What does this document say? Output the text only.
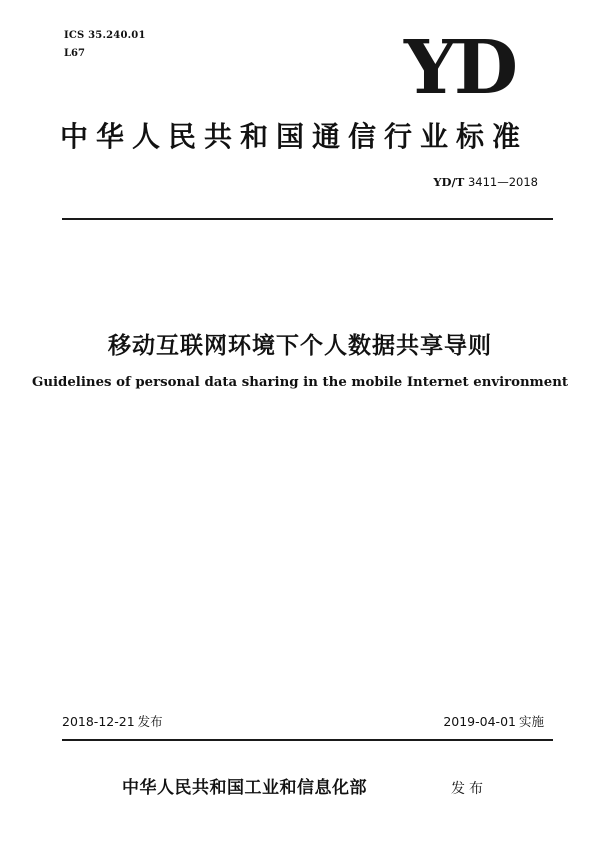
ICS 35.240.01
L67	YD
中华人民共和国通信行业标准
YD/T 3411—2018
移动互联网环境下个人数据共享导则
Guidelines of personal data sharing in the mobile Internet environment
2018-12-21 发布	2019-04-01 实施
中华人民共和国工业和信息化部	发布
